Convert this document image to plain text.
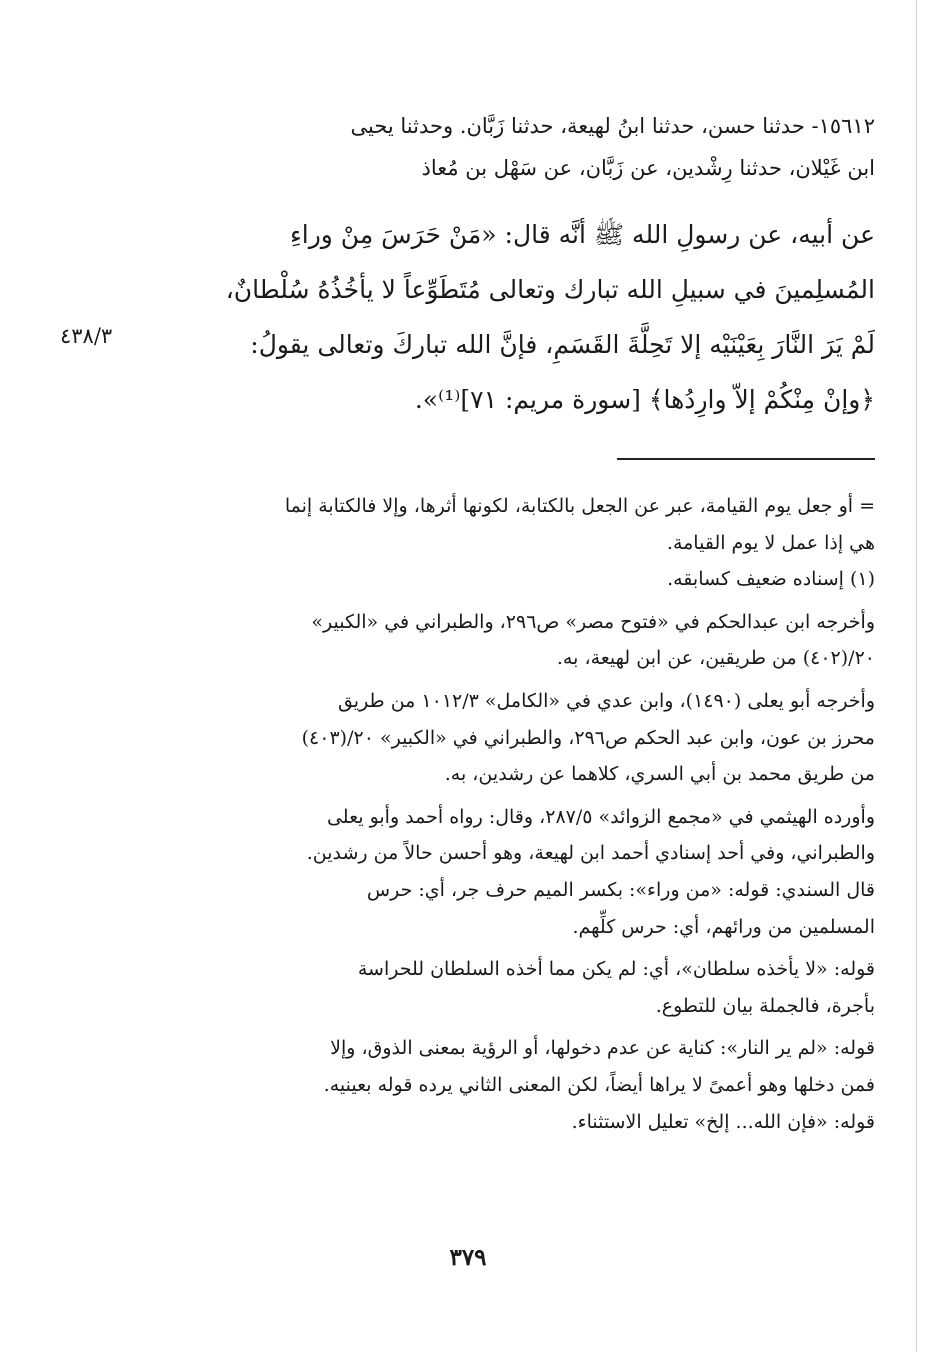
١٥٦١٢- حدثنا حسن، حدثنا ابنُ لهيعة، حدثنا زَبَّان. وحدثنا يحيى
ابن غَيْلان، حدثنا رِشْدين، عن زَبَّان، عن سَهْل بن مُعاذ
عن أبيه، عن رسولِ الله ﷺ أنَّه قال: «مَنْ حَرَسَ مِنْ وراءِ
المُسلِمينَ في سبيلِ الله تبارك وتعالى مُتَطَوِّعاً لا يأخُذُهُ سُلْطانٌ،
لَمْ يَرَ النَّارَ بِعَيْنَيْه إلا تَحِلَّةَ القَسَمِ، فإنَّ الله تباركَ وتعالى يقولُ:
﴿وإنْ مِنْكُمْ إلاّ وارِدُها﴾ [سورة مريم: ٧١]⁽¹⁾».
٤٣٨/٣
= أو جعل يوم القيامة، عبر عن الجعل بالكتابة، لكونها أثرها، وإلا فالكتابة إنما
هي إذا عمل لا يوم القيامة.
(١) إسناده ضعيف كسابقه.
وأخرجه ابن عبدالحكم في «فتوح مصر» ص٢٩٦، والطبراني في «الكبير»
٢٠/(٤٠٢) من طريقين، عن ابن لهيعة، به.
وأخرجه أبو يعلى (١٤٩٠)، وابن عدي في «الكامل» ١٠١٢/٣ من طريق
محرز بن عون، وابن عبد الحكم ص٢٩٦، والطبراني في «الكبير» ٢٠/(٤٠٣)
من طريق محمد بن أبي السري، كلاهما عن رشدين، به.
وأورده الهيثمي في «مجمع الزوائد» ٢٨٧/٥، وقال: رواه أحمد وأبو يعلى
والطبراني، وفي أحد إسنادي أحمد ابن لهيعة، وهو أحسن حالاً من رشدين.
قال السندي: قوله: «من وراء»: بكسر الميم حرف جر، أي: حرس
المسلمين من ورائهم، أي: حرس كلِّهم.
قوله: «لا يأخذه سلطان»، أي: لم يكن مما أخذه السلطان للحراسة
بأجرة، فالجملة بيان للتطوع.
قوله: «لم ير النار»: كناية عن عدم دخولها، أو الرؤية بمعنى الذوق، وإلا
فمن دخلها وهو أعمىً لا يراها أيضاً، لكن المعنى الثاني يرده قوله بعينيه.
قوله: «فإن الله... إلخ» تعليل الاستثناء.
٣٧٩
